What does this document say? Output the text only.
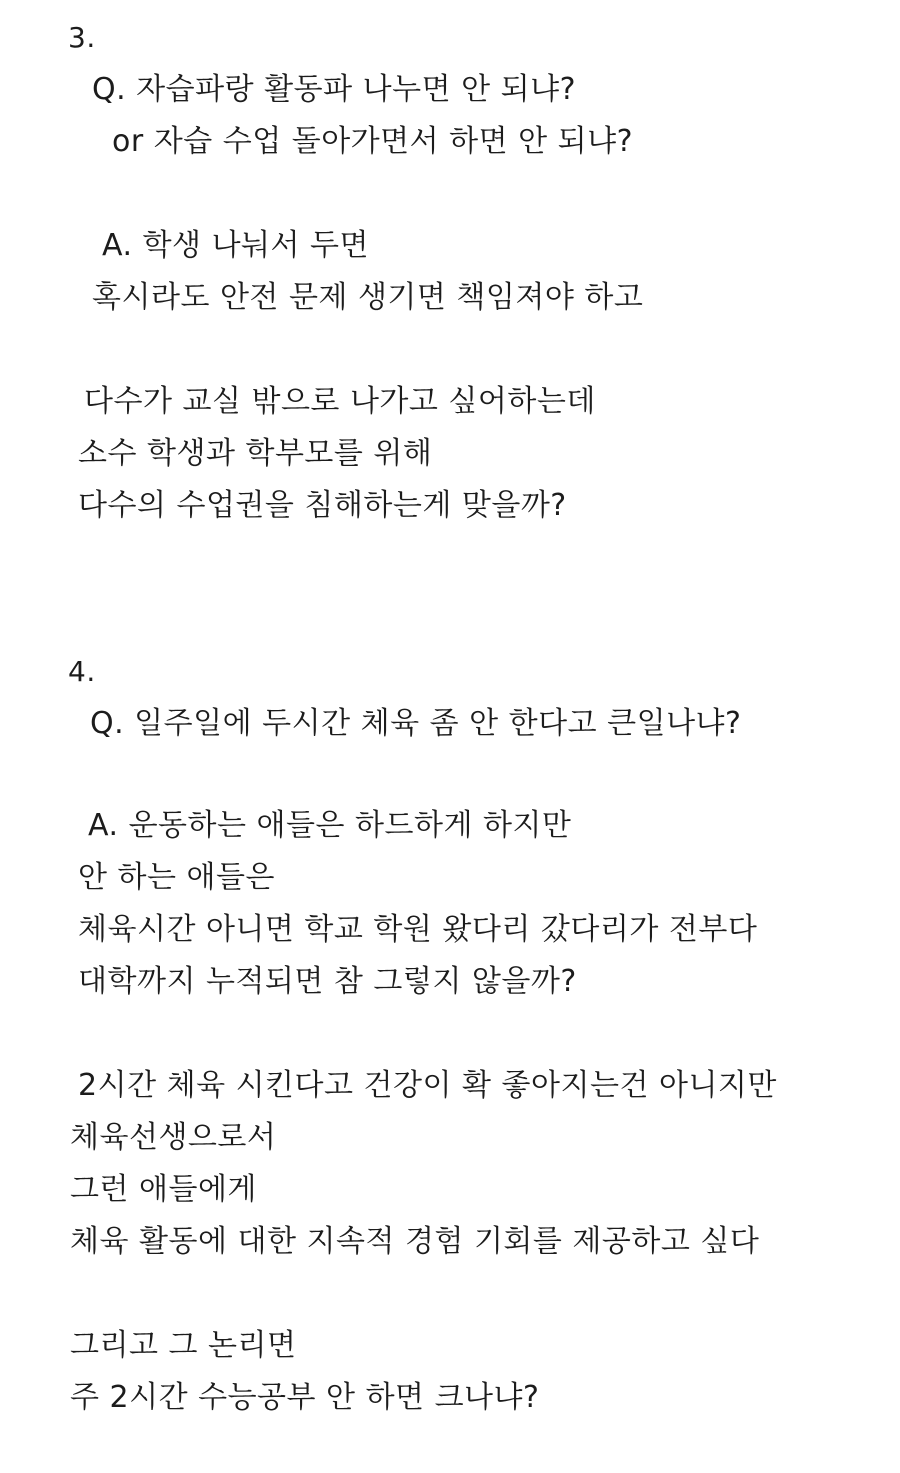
3.
Q. 자습파랑 활동파 나누면 안 되냐?
or 자습 수업 돌아가면서 하면 안 되냐?
A. 학생 나눠서 두면
혹시라도 안전 문제 생기면 책임져야 하고
다수가 교실 밖으로 나가고 싶어하는데
소수 학생과 학부모를 위해
다수의 수업권을 침해하는게 맞을까?
4.
Q. 일주일에 두시간 체육 좀 안 한다고 큰일나냐?
A. 운동하는 애들은 하드하게 하지만
안 하는 애들은
체육시간 아니면 학교 학원 왔다리 갔다리가 전부다
대학까지 누적되면 참 그렇지 않을까?
2시간 체육 시킨다고 건강이 확 좋아지는건 아니지만
체육선생으로서
그런 애들에게
체육 활동에 대한 지속적 경험 기회를 제공하고 싶다
그리고 그 논리면
주 2시간 수능공부 안 하면 크나냐?
